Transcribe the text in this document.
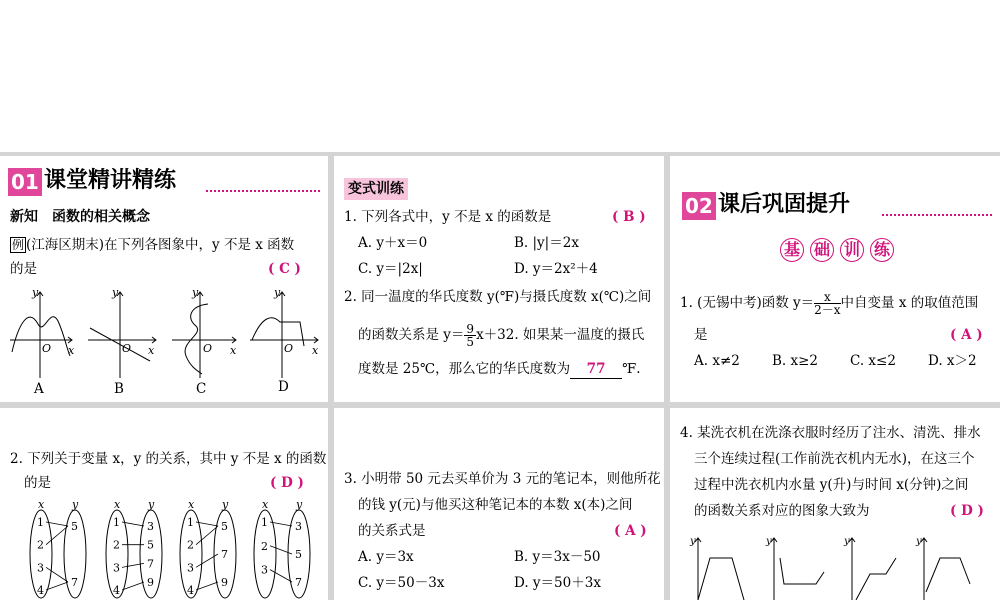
01 课堂精讲精练
新知　函数的相关概念
例 (江海区期末)在下列各图象中，y 不是 x 函数
的是	( C )
y
x
O
y
x
O
y
x
O
y
x
O
A	B	C	D
变式训练
1. 下列各式中，y 不是 x 的函数是	( B )
A. y＋x＝0	B. |y|＝2x
C. y＝|2x|	D. y＝2x²＋4
2. 同一温度的华氏度数 y(℉)与摄氏度数 x(℃)之间
的函数关系是 $y= \frac{9}{5} x+32$. 如果某一温度的摄氏
度数是 25℃，那么它的华氏度数为 77 ℉.
02 课后巩固提升
基 础 训 练
1. (无锡中考)函数 $y= \frac{x}{2-x}$ 中自变量 x 的取值范围
是	( A )
A. x≠2 B. x≥2 C. x≤2 D. x＞2
2. 下列关于变量 x，y 的关系，其中 y 不是 x 的函数
的是	( D )
x	y
1
2
3
4
5
7
x	y
1
2
3
4
3
5
7
9
x	y
1
2
3
4
5
7
9
x	y
1
2
3
3
5
7
3. 小明带 50 元去买单价为 3 元的笔记本，则他所花
的钱 y(元)与他买这种笔记本的本数 x(本)之间
的关系式是	( A )
A. y＝3x	B. y＝3x－50
C. y＝50－3x	D. y＝50＋3x
4. 某洗衣机在洗涤衣服时经历了注水、清洗、排水
三个连续过程(工作前洗衣机内无水)，在这三个
过程中洗衣机内水量 y(升)与时间 x(分钟)之间
的函数关系对应的图象大致为	( D )
y	y	y	y
